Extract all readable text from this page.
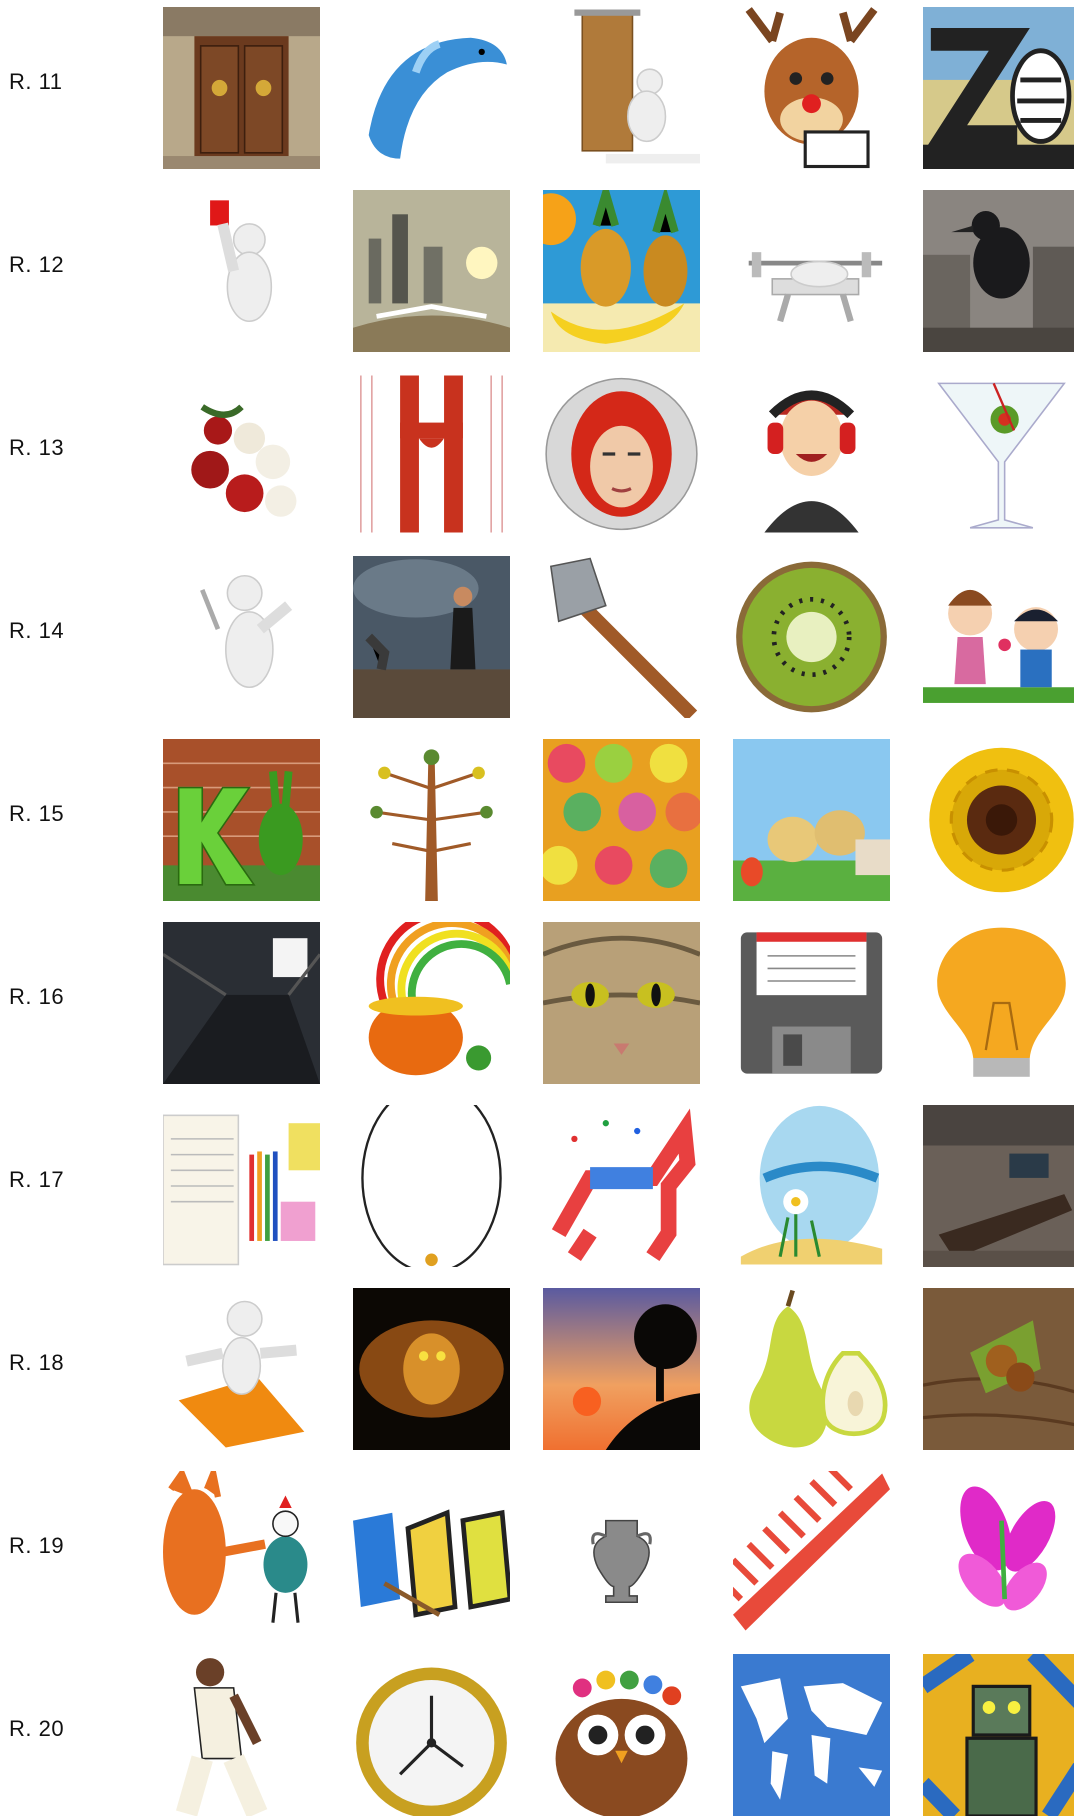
R. 11
R. 12
R. 13
R. 14
R. 15
R. 16
R. 17
R. 18
R. 19
R. 20
